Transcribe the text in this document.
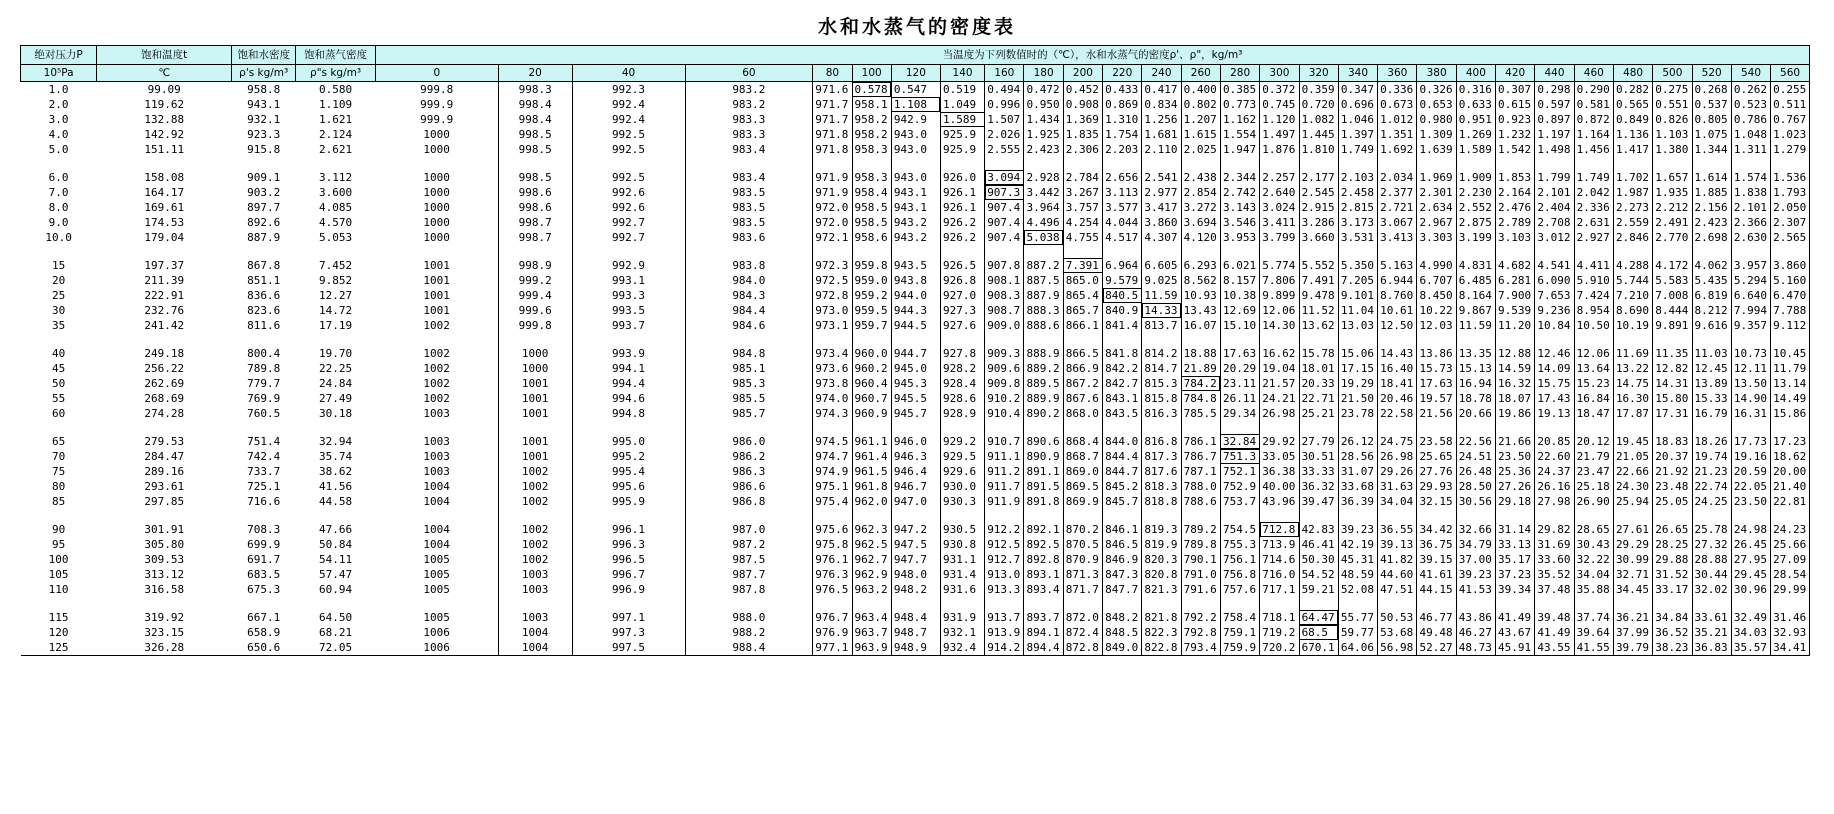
水和水蒸气的密度表
绝对压力P	饱和温度t	饱和水密度	饱和蒸气密度	当温度为下列数值时的（℃），水和水蒸气的密度ρ'、ρ"，kg/m³																												
10⁵Pa	℃	ρ's kg/m³	ρ"s kg/m³	0	20	40	60	80	100	120	140	160	180	200	220	240	260	280	300	320	340	360	380	400	420	440	460	480	500	520	540	560
1.0	99.09	958.8	0.580	999.8	998.3	992.3	983.2	971.6	0.578	0.547	0.519	0.494	0.472	0.452	0.433	0.417	0.400	0.385	0.372	0.359	0.347	0.336	0.326	0.316	0.307	0.298	0.290	0.282	0.275	0.268	0.262	0.255
2.0	119.62	943.1	1.109	999.9	998.4	992.4	983.2	971.7	958.1	1.108	1.049	0.996	0.950	0.908	0.869	0.834	0.802	0.773	0.745	0.720	0.696	0.673	0.653	0.633	0.615	0.597	0.581	0.565	0.551	0.537	0.523	0.511
3.0	132.88	932.1	1.621	999.9	998.4	992.4	983.3	971.7	958.2	942.9	1.589	1.507	1.434	1.369	1.310	1.256	1.207	1.162	1.120	1.082	1.046	1.012	0.980	0.951	0.923	0.897	0.872	0.849	0.826	0.805	0.786	0.767
4.0	142.92	923.3	2.124	1000	998.5	992.5	983.3	971.8	958.2	943.0	925.9	2.026	1.925	1.835	1.754	1.681	1.615	1.554	1.497	1.445	1.397	1.351	1.309	1.269	1.232	1.197	1.164	1.136	1.103	1.075	1.048	1.023
5.0	151.11	915.8	2.621	1000	998.5	992.5	983.4	971.8	958.3	943.0	925.9	2.555	2.423	2.306	2.203	2.110	2.025	1.947	1.876	1.810	1.749	1.692	1.639	1.589	1.542	1.498	1.456	1.417	1.380	1.344	1.311	1.279

6.0	158.08	909.1	3.112	1000	998.5	992.5	983.4	971.9	958.3	943.0	926.0	3.094	2.928	2.784	2.656	2.541	2.438	2.344	2.257	2.177	2.103	2.034	1.969	1.909	1.853	1.799	1.749	1.702	1.657	1.614	1.574	1.536
7.0	164.17	903.2	3.600	1000	998.6	992.6	983.5	971.9	958.4	943.1	926.1	907.3	3.442	3.267	3.113	2.977	2.854	2.742	2.640	2.545	2.458	2.377	2.301	2.230	2.164	2.101	2.042	1.987	1.935	1.885	1.838	1.793
8.0	169.61	897.7	4.085	1000	998.6	992.6	983.5	972.0	958.5	943.1	926.1	907.4	3.964	3.757	3.577	3.417	3.272	3.143	3.024	2.915	2.815	2.721	2.634	2.552	2.476	2.404	2.336	2.273	2.212	2.156	2.101	2.050
9.0	174.53	892.6	4.570	1000	998.7	992.7	983.5	972.0	958.5	943.2	926.2	907.4	4.496	4.254	4.044	3.860	3.694	3.546	3.411	3.286	3.173	3.067	2.967	2.875	2.789	2.708	2.631	2.559	2.491	2.423	2.366	2.307
10.0	179.04	887.9	5.053	1000	998.7	992.7	983.6	972.1	958.6	943.2	926.2	907.4	5.038	4.755	4.517	4.307	4.120	3.953	3.799	3.660	3.531	3.413	3.303	3.199	3.103	3.012	2.927	2.846	2.770	2.698	2.630	2.565

15	197.37	867.8	7.452	1001	998.9	992.9	983.8	972.3	959.8	943.5	926.5	907.8	887.2	7.391	6.964	6.605	6.293	6.021	5.774	5.552	5.350	5.163	4.990	4.831	4.682	4.541	4.411	4.288	4.172	4.062	3.957	3.860
20	211.39	851.1	9.852	1001	999.2	993.1	984.0	972.5	959.0	943.8	926.8	908.1	887.5	865.0	9.579	9.025	8.562	8.157	7.806	7.491	7.205	6.944	6.707	6.485	6.281	6.090	5.910	5.744	5.583	5.435	5.294	5.160
25	222.91	836.6	12.27	1001	999.4	993.3	984.3	972.8	959.2	944.0	927.0	908.3	887.9	865.4	840.5	11.59	10.93	10.38	9.899	9.478	9.101	8.760	8.450	8.164	7.900	7.653	7.424	7.210	7.008	6.819	6.640	6.470
30	232.76	823.6	14.72	1001	999.6	993.5	984.4	973.0	959.5	944.3	927.3	908.7	888.3	865.7	840.9	14.33	13.43	12.69	12.06	11.52	11.04	10.61	10.22	9.867	9.539	9.236	8.954	8.690	8.444	8.212	7.994	7.788
35	241.42	811.6	17.19	1002	999.8	993.7	984.6	973.1	959.7	944.5	927.6	909.0	888.6	866.1	841.4	813.7	16.07	15.10	14.30	13.62	13.03	12.50	12.03	11.59	11.20	10.84	10.50	10.19	9.891	9.616	9.357	9.112

40	249.18	800.4	19.70	1002	1000	993.9	984.8	973.4	960.0	944.7	927.8	909.3	888.9	866.5	841.8	814.2	18.88	17.63	16.62	15.78	15.06	14.43	13.86	13.35	12.88	12.46	12.06	11.69	11.35	11.03	10.73	10.45
45	256.22	789.8	22.25	1002	1000	994.1	985.1	973.6	960.2	945.0	928.2	909.6	889.2	866.9	842.2	814.7	21.89	20.29	19.04	18.01	17.15	16.40	15.73	15.13	14.59	14.09	13.64	13.22	12.82	12.45	12.11	11.79
50	262.69	779.7	24.84	1002	1001	994.4	985.3	973.8	960.4	945.3	928.4	909.8	889.5	867.2	842.7	815.3	784.2	23.11	21.57	20.33	19.29	18.41	17.63	16.94	16.32	15.75	15.23	14.75	14.31	13.89	13.50	13.14
55	268.69	769.9	27.49	1002	1001	994.6	985.5	974.0	960.7	945.5	928.6	910.2	889.9	867.6	843.1	815.8	784.8	26.11	24.21	22.71	21.50	20.46	19.57	18.78	18.07	17.43	16.84	16.30	15.80	15.33	14.90	14.49
60	274.28	760.5	30.18	1003	1001	994.8	985.7	974.3	960.9	945.7	928.9	910.4	890.2	868.0	843.5	816.3	785.5	29.34	26.98	25.21	23.78	22.58	21.56	20.66	19.86	19.13	18.47	17.87	17.31	16.79	16.31	15.86

65	279.53	751.4	32.94	1003	1001	995.0	986.0	974.5	961.1	946.0	929.2	910.7	890.6	868.4	844.0	816.8	786.1	32.84	29.92	27.79	26.12	24.75	23.58	22.56	21.66	20.85	20.12	19.45	18.83	18.26	17.73	17.23
70	284.47	742.4	35.74	1003	1001	995.2	986.2	974.7	961.4	946.3	929.5	911.1	890.9	868.7	844.4	817.3	786.7	751.3	33.05	30.51	28.56	26.98	25.65	24.51	23.50	22.60	21.79	21.05	20.37	19.74	19.16	18.62
75	289.16	733.7	38.62	1003	1002	995.4	986.3	974.9	961.5	946.4	929.6	911.2	891.1	869.0	844.7	817.6	787.1	752.1	36.38	33.33	31.07	29.26	27.76	26.48	25.36	24.37	23.47	22.66	21.92	21.23	20.59	20.00
80	293.61	725.1	41.56	1004	1002	995.6	986.6	975.1	961.8	946.7	930.0	911.7	891.5	869.5	845.2	818.3	788.0	752.9	40.00	36.32	33.68	31.63	29.93	28.50	27.26	26.16	25.18	24.30	23.48	22.74	22.05	21.40
85	297.85	716.6	44.58	1004	1002	995.9	986.8	975.4	962.0	947.0	930.3	911.9	891.8	869.9	845.7	818.8	788.6	753.7	43.96	39.47	36.39	34.04	32.15	30.56	29.18	27.98	26.90	25.94	25.05	24.25	23.50	22.81

90	301.91	708.3	47.66	1004	1002	996.1	987.0	975.6	962.3	947.2	930.5	912.2	892.1	870.2	846.1	819.3	789.2	754.5	712.8	42.83	39.23	36.55	34.42	32.66	31.14	29.82	28.65	27.61	26.65	25.78	24.98	24.23
95	305.80	699.9	50.84	1004	1002	996.3	987.2	975.8	962.5	947.5	930.8	912.5	892.5	870.5	846.5	819.9	789.8	755.3	713.9	46.41	42.19	39.13	36.75	34.79	33.13	31.69	30.43	29.29	28.25	27.32	26.45	25.66
100	309.53	691.7	54.11	1005	1002	996.5	987.5	976.1	962.7	947.7	931.1	912.7	892.8	870.9	846.9	820.3	790.1	756.1	714.6	50.30	45.31	41.82	39.15	37.00	35.17	33.60	32.22	30.99	29.88	28.88	27.95	27.09
105	313.12	683.5	57.47	1005	1003	996.7	987.7	976.3	962.9	948.0	931.4	913.0	893.1	871.3	847.3	820.8	791.0	756.8	716.0	54.52	48.59	44.60	41.61	39.23	37.23	35.52	34.04	32.71	31.52	30.44	29.45	28.54
110	316.58	675.3	60.94	1005	1003	996.9	987.8	976.5	963.2	948.2	931.6	913.3	893.4	871.7	847.7	821.3	791.6	757.6	717.1	59.21	52.08	47.51	44.15	41.53	39.34	37.48	35.88	34.45	33.17	32.02	30.96	29.99

115	319.92	667.1	64.50	1005	1003	997.1	988.0	976.7	963.4	948.4	931.9	913.7	893.7	872.0	848.2	821.8	792.2	758.4	718.1	64.47	55.77	50.53	46.77	43.86	41.49	39.48	37.74	36.21	34.84	33.61	32.49	31.46
120	323.15	658.9	68.21	1006	1004	997.3	988.2	976.9	963.7	948.7	932.1	913.9	894.1	872.4	848.5	822.3	792.8	759.1	719.2	68.5	59.77	53.68	49.48	46.27	43.67	41.49	39.64	37.99	36.52	35.21	34.03	32.93
125	326.28	650.6	72.05	1006	1004	997.5	988.4	977.1	963.9	948.9	932.4	914.2	894.4	872.8	849.0	822.8	793.4	759.9	720.2	670.1	64.06	56.98	52.27	48.73	45.91	43.55	41.55	39.79	38.23	36.83	35.57	34.41
